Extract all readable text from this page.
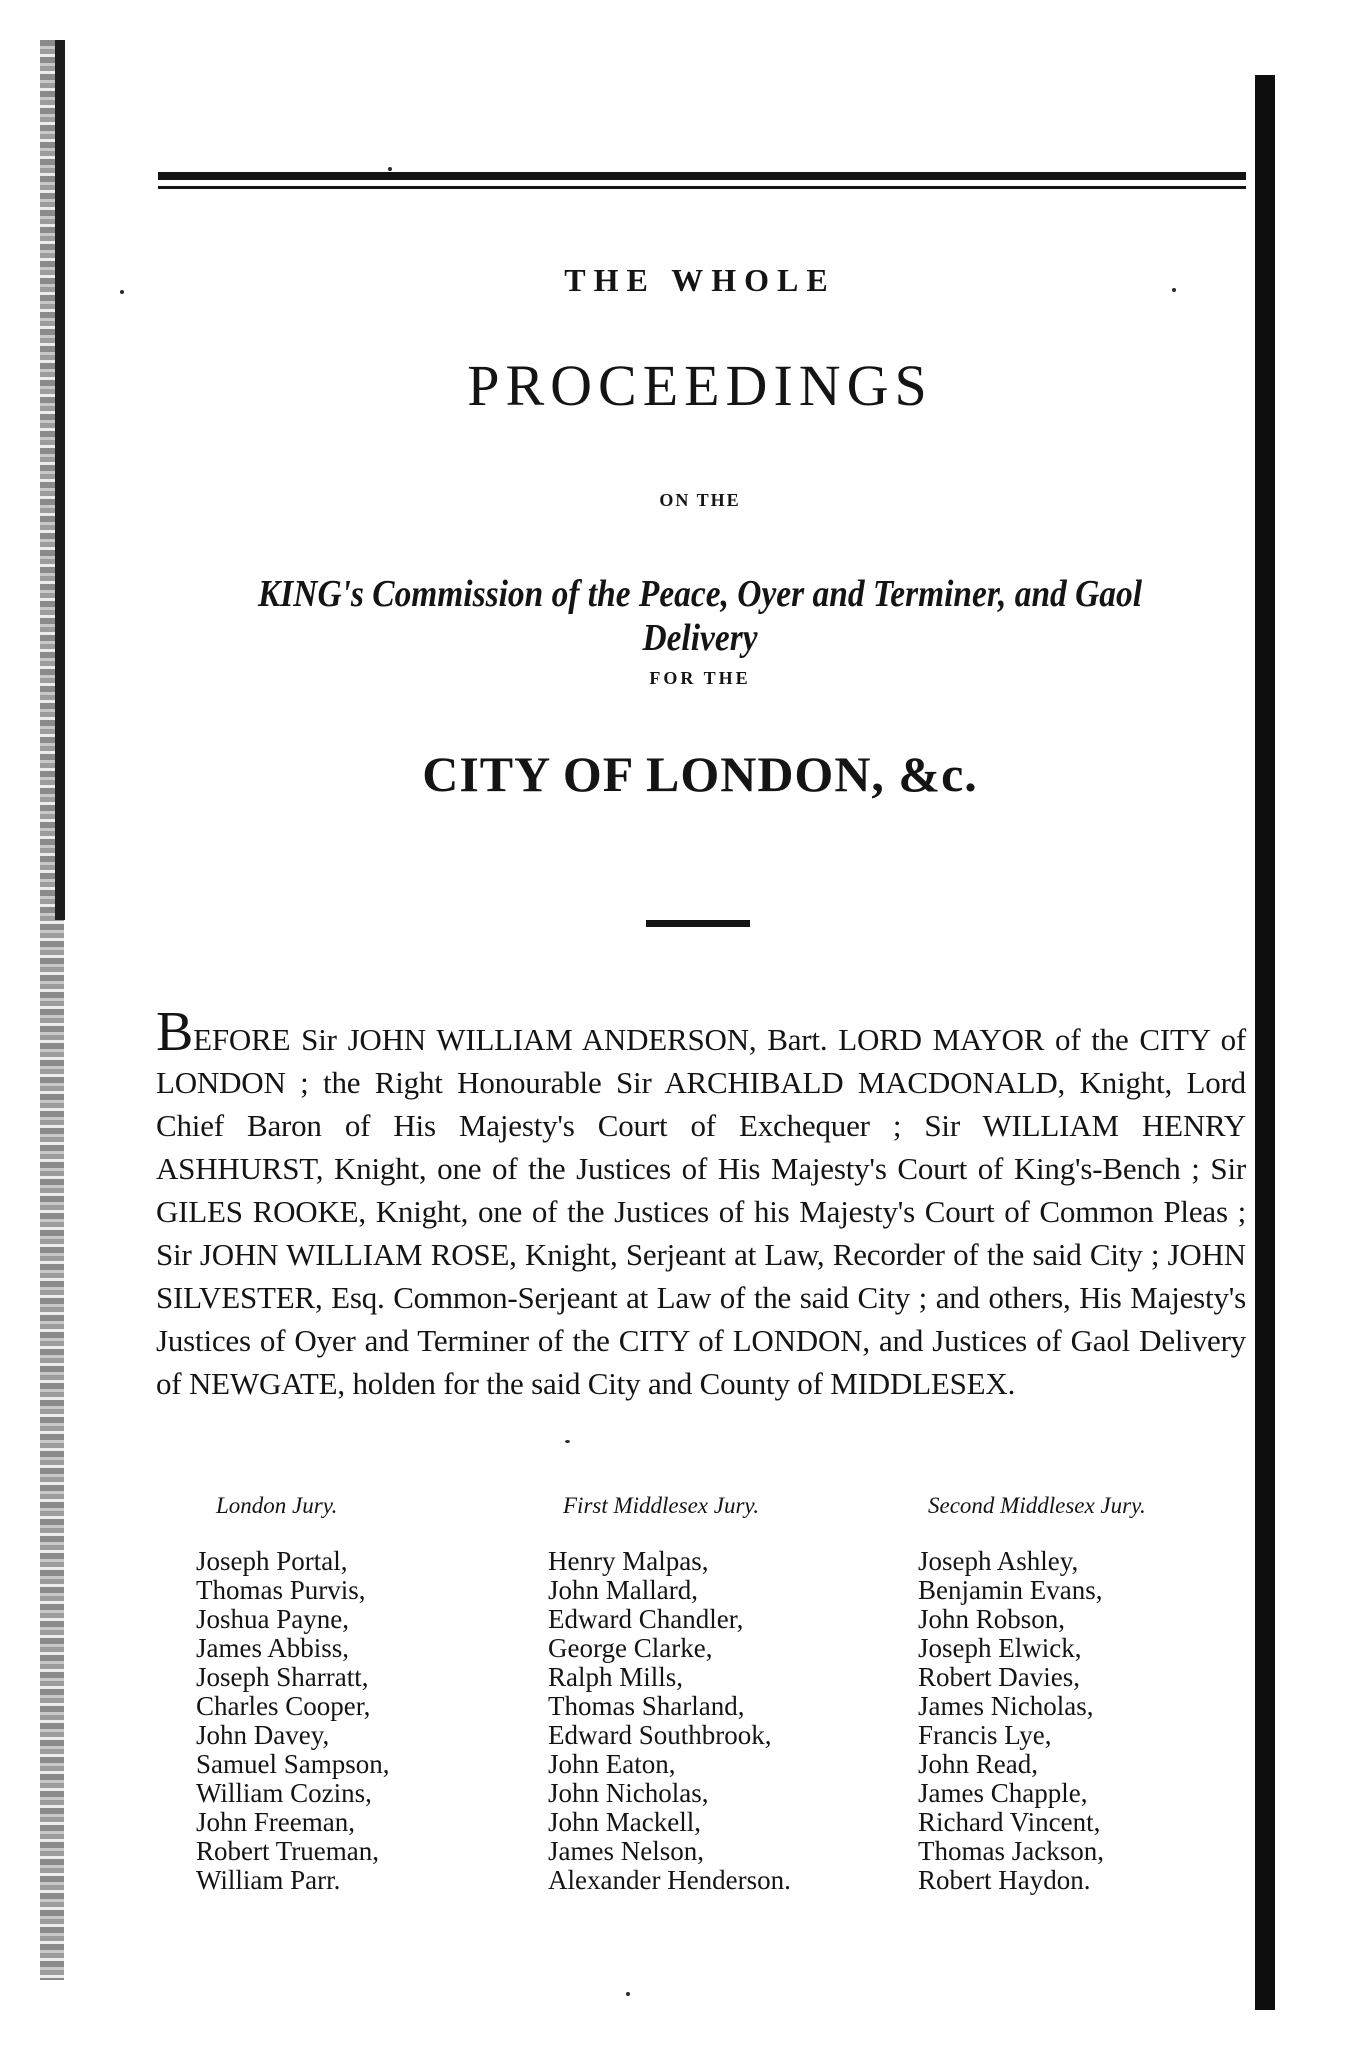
THE WHOLE

PROCEEDINGS

ON THE

KING's Commission of the Peace, Oyer and Terminer, and Gaol Delivery

FOR THE

CITY OF LONDON, &c.

BEFORE Sir JOHN WILLIAM ANDERSON, Bart. LORD MAYOR of the CITY of LONDON ; the Right Honourable Sir ARCHIBALD MACDONALD, Knight, Lord Chief Baron of His Majesty's Court of Exchequer ; Sir WILLIAM HENRY ASHHURST, Knight, one of the Justices of His Majesty's Court of King's-Bench ; Sir GILES ROOKE, Knight, one of the Justices of his Majesty's Court of Common Pleas ; Sir JOHN WILLIAM ROSE, Knight, Serjeant at Law, Recorder of the said City ; JOHN SILVESTER, Esq. Common-Serjeant at Law of the said City ; and others, His Majesty's Justices of Oyer and Terminer of the CITY of LONDON, and Justices of Gaol Delivery of NEWGATE, holden for the said City and County of MIDDLESEX.

London Jury.
Joseph Portal,
Thomas Purvis,
Joshua Payne,
James Abbiss,
Joseph Sharratt,
Charles Cooper,
John Davey,
Samuel Sampson,
William Cozins,
John Freeman,
Robert Trueman,
William Parr.
First Middlesex Jury.
Henry Malpas,
John Mallard,
Edward Chandler,
George Clarke,
Ralph Mills,
Thomas Sharland,
Edward Southbrook,
John Eaton,
John Nicholas,
John Mackell,
James Nelson,
Alexander Henderson.
Second Middlesex Jury.
Joseph Ashley,
Benjamin Evans,
John Robson,
Joseph Elwick,
Robert Davies,
James Nicholas,
Francis Lye,
John Read,
James Chapple,
Richard Vincent,
Thomas Jackson,
Robert Haydon.
